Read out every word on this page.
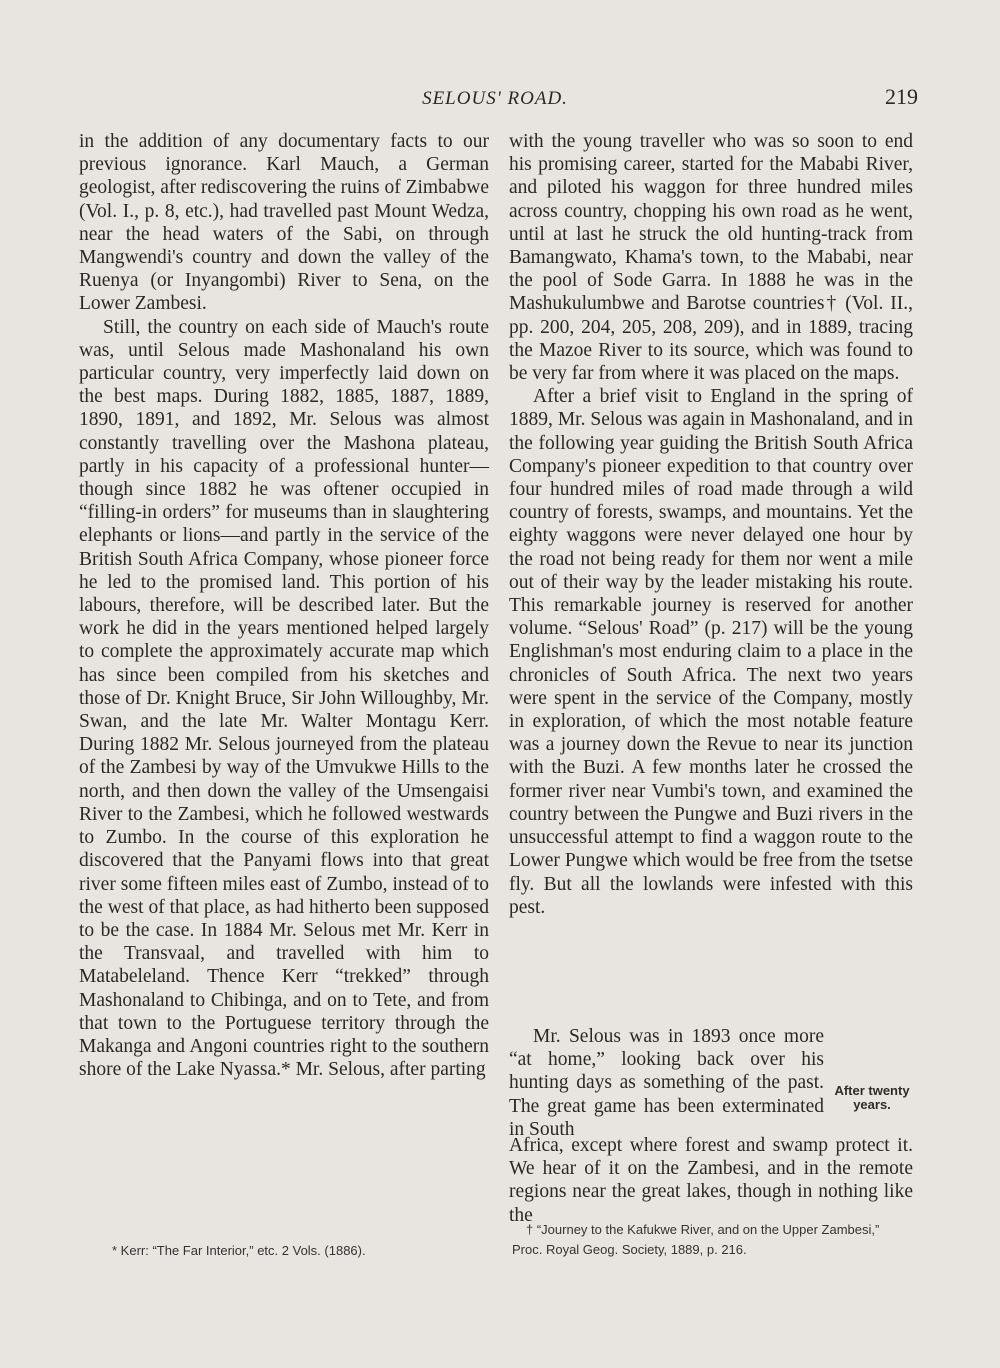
SELOUS' ROAD.	219

in the addition of any documentary facts to our previous ignorance. Karl Mauch, a German geologist, after rediscovering the ruins of Zimbabwe (Vol. I., p. 8, etc.), had travelled past Mount Wedza, near the head waters of the Sabi, on through Mangwendi's country and down the valley of the Ruenya (or Inyangombi) River to Sena, on the Lower Zambesi.

Still, the country on each side of Mauch's route was, until Selous made Mashonaland his own particular country, very imperfectly laid down on the best maps. During 1882, 1885, 1887, 1889, 1890, 1891, and 1892, Mr. Selous was almost constantly travelling over the Mashona plateau, partly in his capacity of a professional hunter—though since 1882 he was oftener occupied in “filling-in orders” for museums than in slaughtering elephants or lions—and partly in the service of the British South Africa Company, whose pioneer force he led to the promised land. This portion of his labours, therefore, will be described later. But the work he did in the years mentioned helped largely to complete the approximately accurate map which has since been compiled from his sketches and those of Dr. Knight Bruce, Sir John Willoughby, Mr. Swan, and the late Mr. Walter Montagu Kerr. During 1882 Mr. Selous journeyed from the plateau of the Zambesi by way of the Umvukwe Hills to the north, and then down the valley of the Umsengaisi River to the Zambesi, which he followed westwards to Zumbo. In the course of this exploration he discovered that the Panyami flows into that great river some fifteen miles east of Zumbo, instead of to the west of that place, as had hitherto been supposed to be the case. In 1884 Mr. Selous met Mr. Kerr in the Transvaal, and travelled with him to Matabeleland. Thence Kerr “trekked” through Mashonaland to Chibinga, and on to Tete, and from that town to the Portuguese territory through the Makanga and Angoni countries right to the southern shore of the Lake Nyassa.* Mr. Selous, after parting

with the young traveller who was so soon to end his promising career, started for the Mababi River, and piloted his waggon for three hundred miles across country, chopping his own road as he went, until at last he struck the old hunting-track from Bamangwato, Khama's town, to the Mababi, near the pool of Sode Garra. In 1888 he was in the Mashukulumbwe and Barotse countries† (Vol. II., pp. 200, 204, 205, 208, 209), and in 1889, tracing the Mazoe River to its source, which was found to be very far from where it was placed on the maps.

After a brief visit to England in the spring of 1889, Mr. Selous was again in Mashonaland, and in the following year guiding the British South Africa Company's pioneer expedition to that country over four hundred miles of road made through a wild country of forests, swamps, and mountains. Yet the eighty waggons were never delayed one hour by the road not being ready for them nor went a mile out of their way by the leader mistaking his route. This remarkable journey is reserved for another volume. “Selous' Road” (p. 217) will be the young Englishman's most enduring claim to a place in the chronicles of South Africa. The next two years were spent in the service of the Company, mostly in exploration, of which the most notable feature was a journey down the Revue to near its junction with the Buzi. A few months later he crossed the former river near Vumbi's town, and examined the country between the Pungwe and Buzi rivers in the unsuccessful attempt to find a waggon route to the Lower Pungwe which would be free from the tsetse fly. But all the lowlands were infested with this pest.

Mr. Selous was in 1893 once more “at home,” looking back over his hunting days as something of the past. The great game has been exterminated in South

After twenty
years.

Africa, except where forest and swamp protect it. We hear of it on the Zambesi, and in the remote regions near the great lakes, though in nothing like the

* Kerr: “The Far Interior,” etc. 2 Vols. (1886).
† “Journey to the Kafukwe River, and on the Upper Zambesi,” Proc. Royal Geog. Society, 1889, p. 216.
